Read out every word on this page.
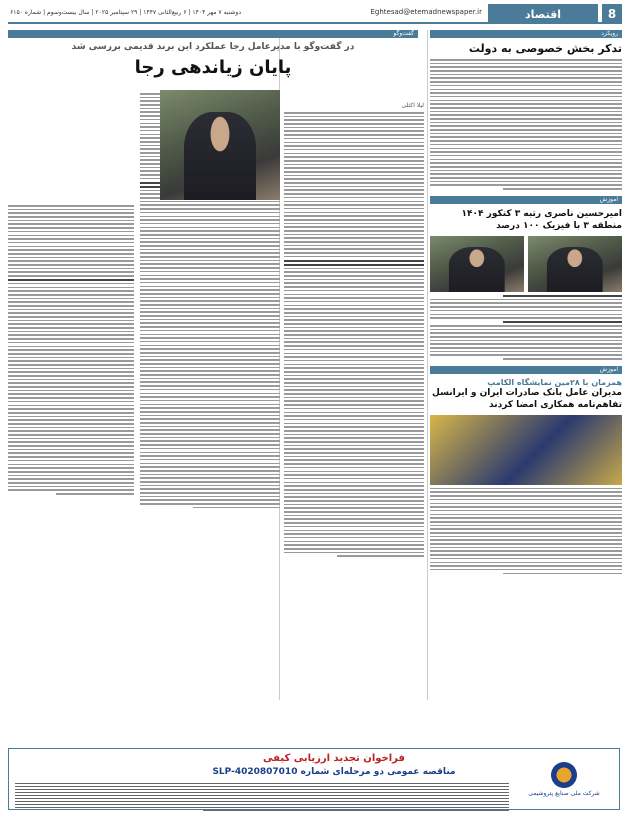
8
اقتصاد
Eghtesad@etemadnewspaper.ir
دوشنبه ۷ مهر ۱۴۰۴ | ۶ ربیع‌الثانی ۱۴۴۷ | ۲۹ سپتامبر ۲۰۲۵ | سال بیست‌وسوم | شماره ۶۱۵۰
رویکرد
تدکر بخش خصوصی به دولت
آموزش
امیرحسین ناصری رتبه ۳ کنکور ۱۴۰۴ منطقه ۳ با فیزیک ۱۰۰ درصد
آموزش
همزمان با ۲۸مین نمایشگاه الکامپ
مدیران عامل بانک صادرات ایران و ایرانسل تفاهم‌نامه همکاری امضا کردند
گفت‌وگو
در گفت‌وگو با مدیرعامل رجا عملکرد این برند قدیمی بررسی شد
پایان زیاندهی رجا
لیلا اکثلی
شرکت ملی صنایع پتروشیمی
فراخوان تجدید ارزیابی کیفی
مناقصه عمومی دو مرحله‌ای شماره SLP-4020807010
